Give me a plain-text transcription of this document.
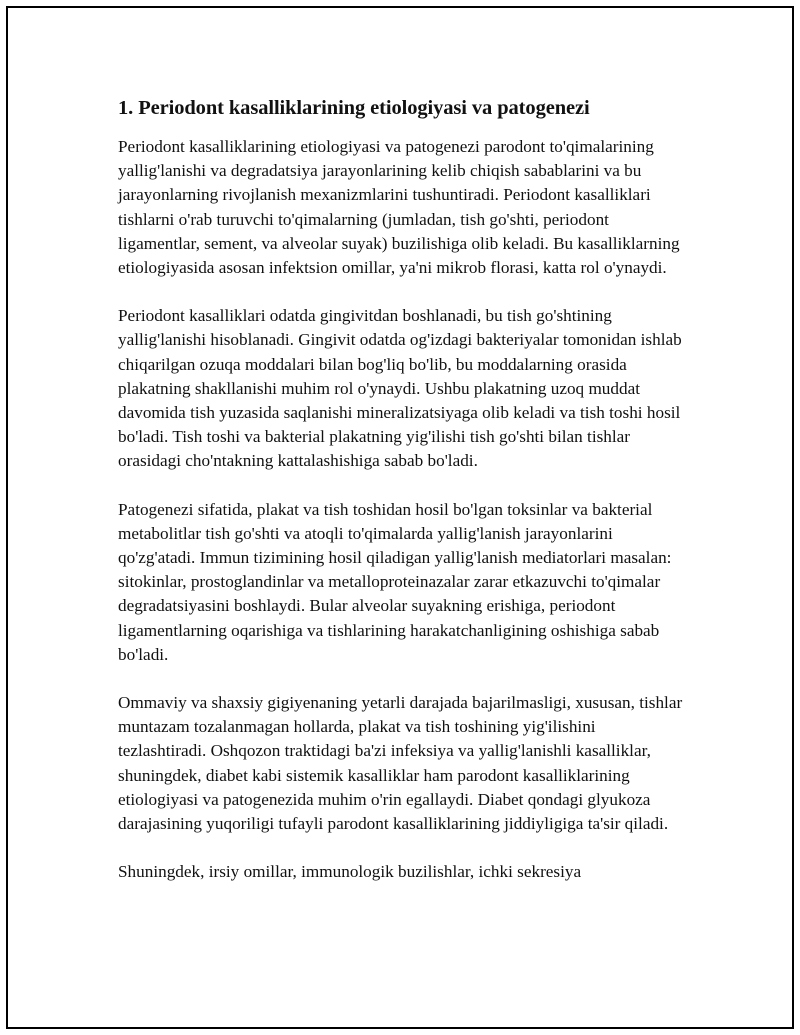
1. Periodont kasalliklarining etiologiyasi va patogenezi

Periodont kasalliklarining etiologiyasi va patogenezi parodont to'qimalarining yallig'lanishi va degradatsiya jarayonlarining kelib chiqish sabablarini va bu jarayonlarning rivojlanish mexanizmlarini tushuntiradi. Periodont kasalliklari tishlarni o'rab turuvchi to'qimalarning (jumladan, tish go'shti, periodont ligamentlar, sement, va alveolar suyak) buzilishiga olib keladi. Bu kasalliklarning etiologiyasida asosan infektsion omillar, ya'ni mikrob florasi, katta rol o'ynaydi.

Periodont kasalliklari odatda gingivitdan boshlanadi, bu tish go'shtining yallig'lanishi hisoblanadi. Gingivit odatda og'izdagi bakteriyalar tomonidan ishlab chiqarilgan ozuqa moddalari bilan bog'liq bo'lib, bu moddalarning orasida plakatning shakllanishi muhim rol o'ynaydi. Ushbu plakatning uzoq muddat davomida tish yuzasida saqlanishi mineralizatsiyaga olib keladi va tish toshi hosil bo'ladi. Tish toshi va bakterial plakatning yig'ilishi tish go'shti bilan tishlar orasidagi cho'ntakning kattalashishiga sabab bo'ladi.

Patogenezi sifatida, plakat va tish toshidan hosil bo'lgan toksinlar va bakterial metabolitlar tish go'shti va atoqli to'qimalarda yallig'lanish jarayonlarini qo'zg'atadi. Immun tizimining hosil qiladigan yallig'lanish mediatorlari masalan: sitokinlar, prostoglandinlar va metalloproteinazalar zarar etkazuvchi to'qimalar degradatsiyasini boshlaydi. Bular alveolar suyakning erishiga, periodont ligamentlarning oqarishiga va tishlarining harakatchanligining oshishiga sabab bo'ladi.

Ommaviy va shaxsiy gigiyenaning yetarli darajada bajarilmasligi, xususan, tishlar muntazam tozalanmagan hollarda, plakat va tish toshining yig'ilishini tezlashtiradi. Oshqozon traktidagi ba'zi infeksiya va yallig'lanishli kasalliklar, shuningdek, diabet kabi sistemik kasalliklar ham parodont kasalliklarining etiologiyasi va patogenezida muhim o'rin egallaydi. Diabet qondagi glyukoza darajasining yuqoriligi tufayli parodont kasalliklarining jiddiyligiga ta'sir qiladi.

Shuningdek, irsiy omillar, immunologik buzilishlar, ichki sekresiya
